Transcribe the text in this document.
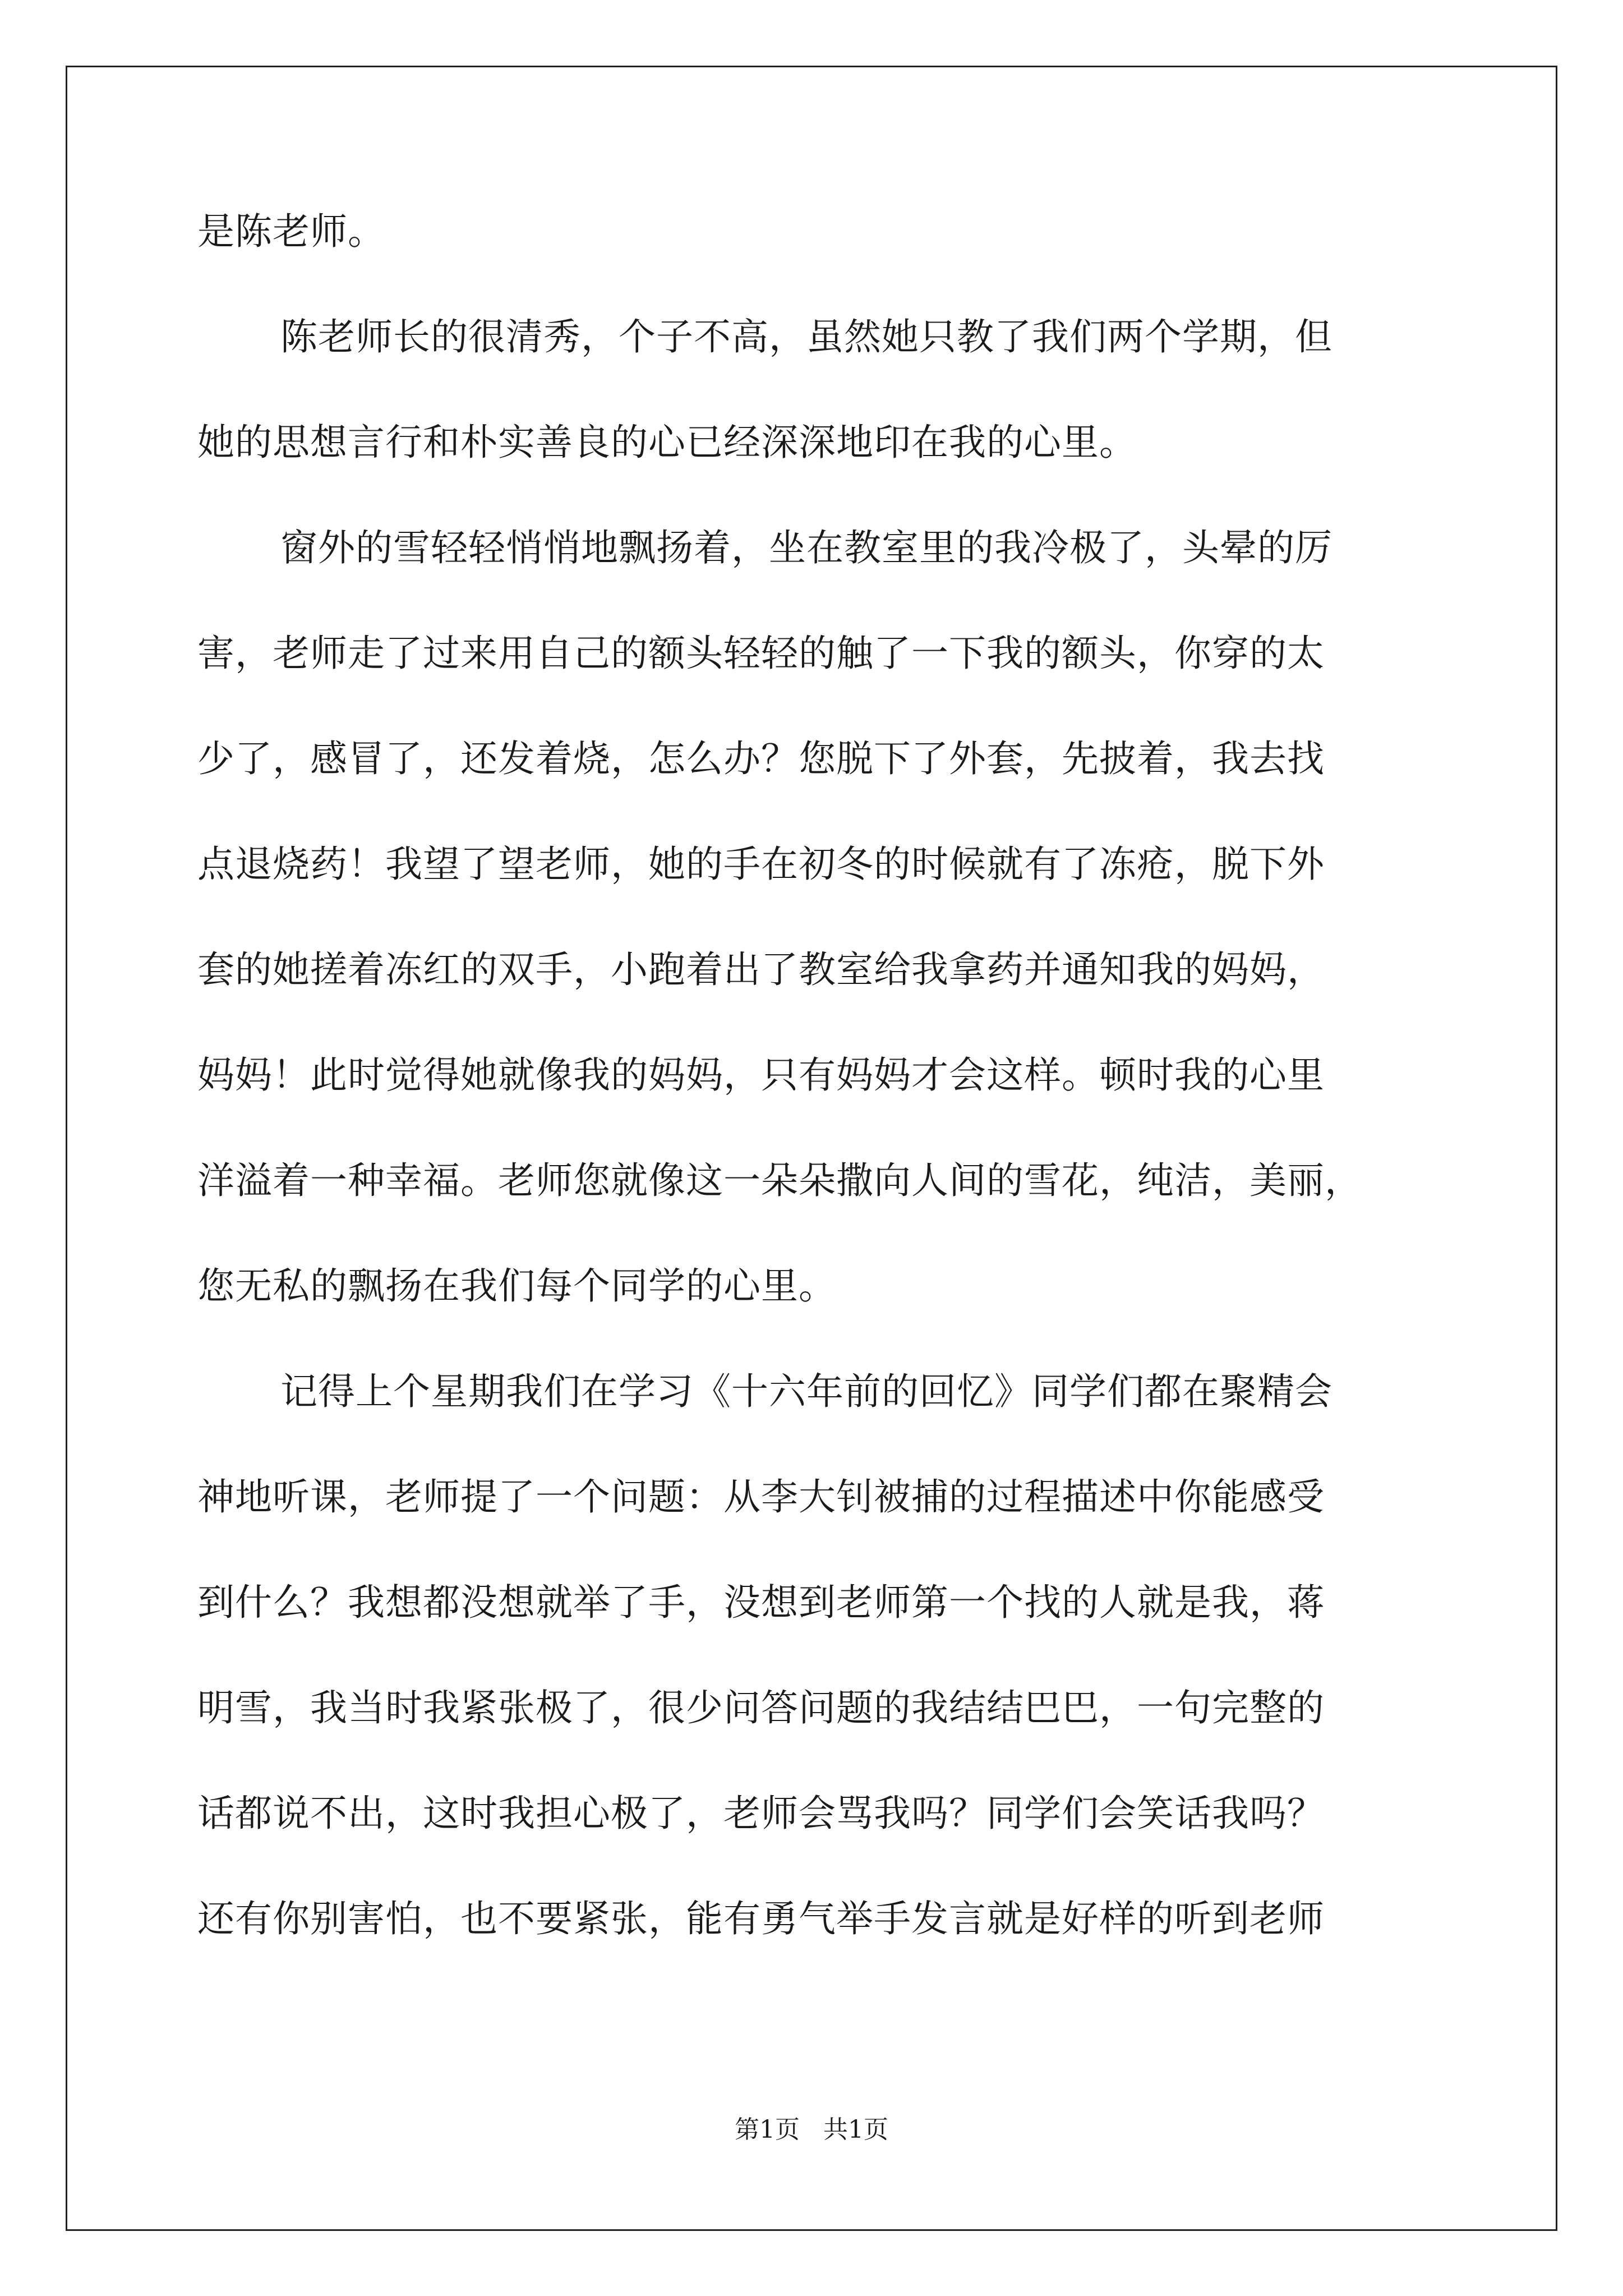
是陈老师。
陈老师长的很清秀，个子不高，虽然她只教了我们两个学期，但
她的思想言行和朴实善良的心已经深深地印在我的心里。
窗外的雪轻轻悄悄地飘扬着，坐在教室里的我冷极了，头晕的厉
害，老师走了过来用自己的额头轻轻的触了一下我的额头，你穿的太
少了，感冒了，还发着烧，怎么办？您脱下了外套，先披着，我去找
点退烧药！我望了望老师，她的手在初冬的时候就有了冻疮，脱下外
套的她搓着冻红的双手，小跑着出了教室给我拿药并通知我的妈妈，
妈妈！此时觉得她就像我的妈妈，只有妈妈才会这样。顿时我的心里
洋溢着一种幸福。老师您就像这一朵朵撒向人间的雪花，纯洁，美丽，
您无私的飘扬在我们每个同学的心里。
记得上个星期我们在学习《十六年前的回忆》同学们都在聚精会
神地听课，老师提了一个问题：从李大钊被捕的过程描述中你能感受
到什么？我想都没想就举了手，没想到老师第一个找的人就是我，蒋
明雪，我当时我紧张极了，很少问答问题的我结结巴巴，一句完整的
话都说不出，这时我担心极了，老师会骂我吗？同学们会笑话我吗？
还有你别害怕，也不要紧张，能有勇气举手发言就是好样的听到老师
第1页   共1页
